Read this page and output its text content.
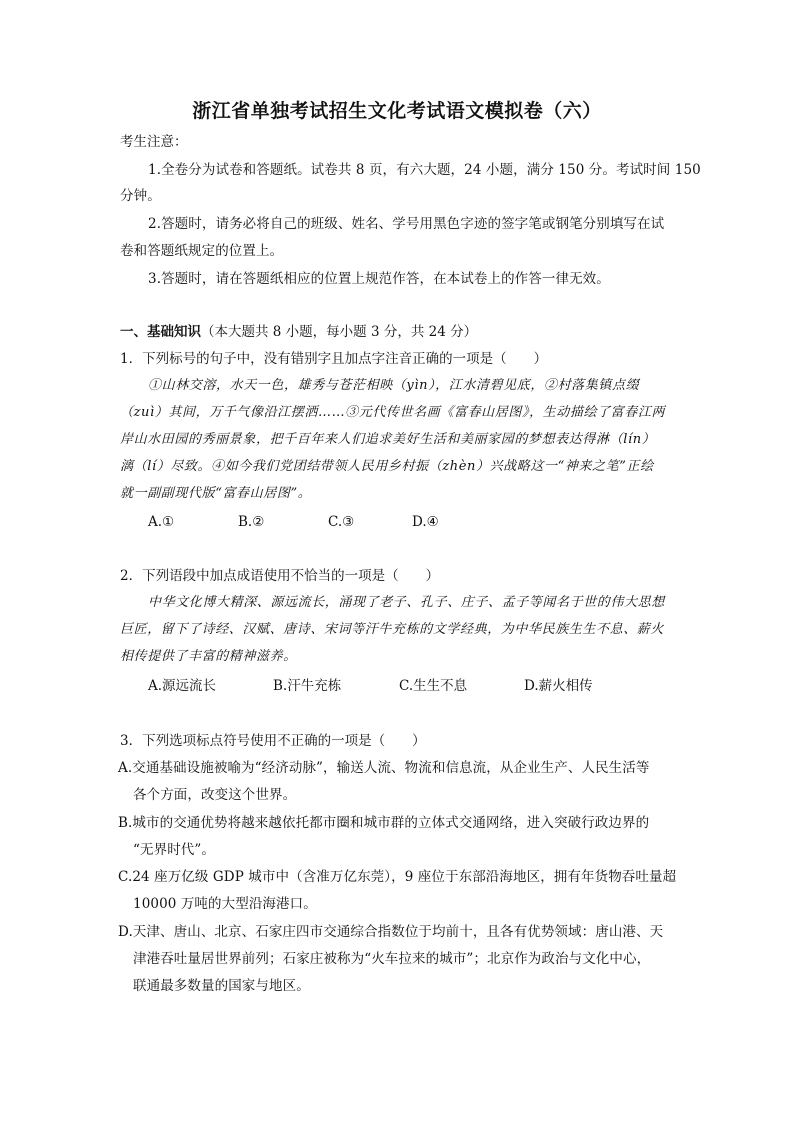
浙江省单独考试招生文化考试语文模拟卷（六）
考生注意：
1.全卷分为试卷和答题纸。试卷共 8 页，有六大题，24 小题，满分 150 分。考试时间 150
分钟。
2.答题时，请务必将自己的班级、姓名、学号用黑色字迹的签字笔或钢笔分别填写在试
卷和答题纸规定的位置上。
3.答题时，请在答题纸相应的位置上规范作答，在本试卷上的作答一律无效。
一、基础知识（本大题共 8 小题，每小题 3 分，共 24 分）
1．下列标号的句子中，没有错别字且加点字注音正确的一项是（　　）
①山林交溶，水天一色，雄秀与苍茫相映（yìn），江水清碧见底，②村落集镇点缀
（zuì）其间，万千气像沿江摆洒……③元代传世名画《富春山居图》，生动描绘了富春江两
岸山水田园的秀丽景象，把千百年来人们追求美好生活和美丽家园的梦想表达得淋（lín）
漓（lí）尽致。④如今我们党团结带领人民用乡村振（zhèn）兴战略这一“神来之笔”正绘
就一副副现代版“富春山居图”。
A.①	B.②	C.③	D.④
2．下列语段中加点成语使用不恰当的一项是（　　）
中华文化博大精深、源远流长，涌现了老子、孔子、庄子、孟子等闻名于世的伟大思想
巨匠，留下了诗经、汉赋、唐诗、宋词等汗牛充栋的文学经典，为中华民族生生不息、薪火
相传提供了丰富的精神滋养。
A.源远流长	B.汗牛充栋	C.生生不息	D.薪火相传
3．下列选项标点符号使用不正确的一项是（　　）
A.交通基础设施被喻为“经济动脉”，输送人流、物流和信息流，从企业生产、人民生活等
各个方面，改变这个世界。
B.城市的交通优势将越来越依托都市圈和城市群的立体式交通网络，进入突破行政边界的
“无界时代”。
C.24 座万亿级 GDP 城市中（含准万亿东莞），9 座位于东部沿海地区，拥有年货物吞吐量超
10000 万吨的大型沿海港口。
D.天津、唐山、北京、石家庄四市交通综合指数位于均前十，且各有优势领域：唐山港、天
津港吞吐量居世界前列；石家庄被称为“火车拉来的城市”；北京作为政治与文化中心，
联通最多数量的国家与地区。
